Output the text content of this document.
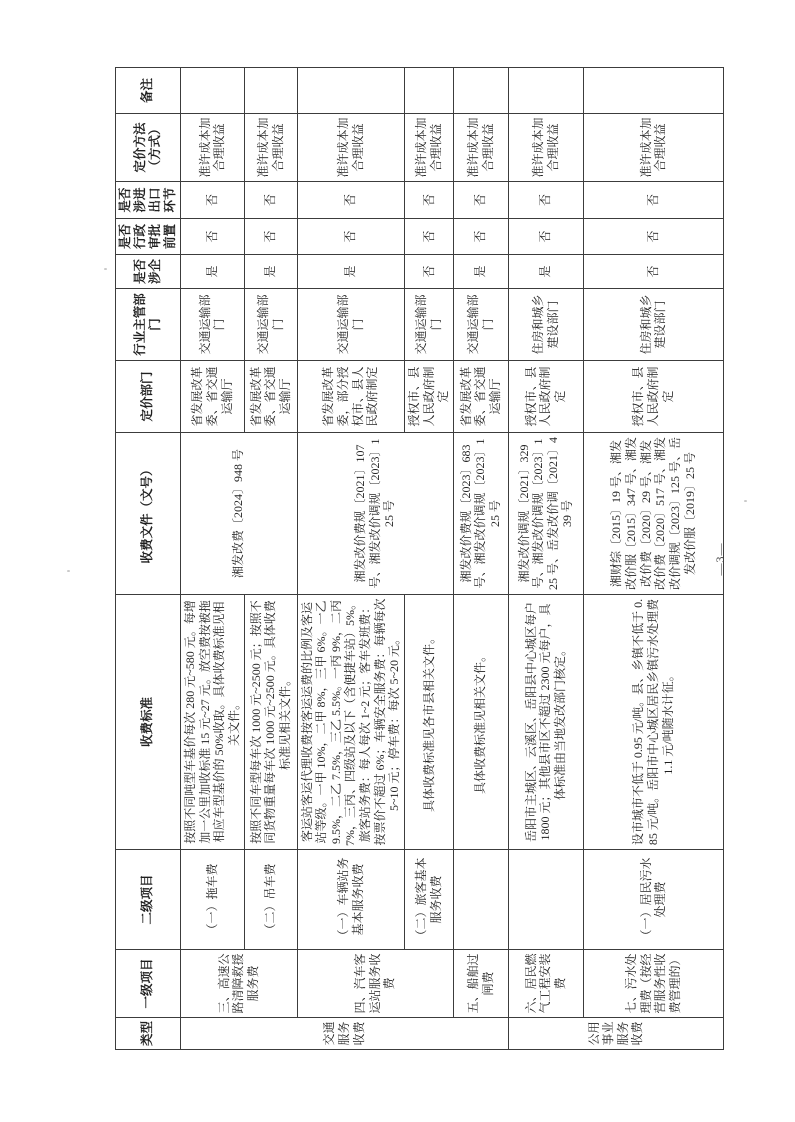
类型	一级项目	二级项目	收费标准	收费文件（文号）	定价部门	行业主管部门	是否涉企	是否行政审批前置	是否涉进出口环节	定价方法（方式）	备注
交通服务收费	三、高速公路清障救援服务费	（一）拖车费	按照不同吨型车基价每次 280 元~580 元。每增加一公里加收标准 15 元~27 元。放空费按被拖相应车型基价的 50%收取。具体收费标准见相关文件。	湘发改费〔2024〕948 号	省发展改革委、省交通运输厅	交通运输部门	是	否	否	准许成本加合理收益	
		（二）吊车费	按照不同车型每车次 1000 元~2500 元；按照不同货物重量每车次 1000 元~2500 元。具体收费标准见相关文件。		省发展改革委、省交通运输厅	交通运输部门	是	否	否	准许成本加合理收益	
	四、汽车客运站服务收费	（一）车辆站务基本服务收费	客运站客运代理收费按客运运费的比例及客运站等级。一甲 10%，二甲 8%，三甲 6%。一乙 9.5%，二乙 7.5%，三乙 5.5%。一丙 9%，二丙 7%，三丙、四级站及以下（含便捷车站）5%。旅客站务费：每人每次 1~2 元；客车发班费：按票价不超过 6%；车辆安全服务费：每辆每次 5~10 元；停车费：每次 5~20 元。	湘发改价费规〔2021〕107 号、湘发改价调规〔2023〕125 号	省发展改革委，部分授权市、县人民政府制定	交通运输部门	是	否	否	准许成本加合理收益	
		（二）旅客基本服务收费	具体收费标准见各市县相关文件。		授权市、县人民政府制定	交通运输部门	否	否	否	准许成本加合理收益	
	五、船舶过闸费		具体收费标准见相关文件。	湘发改价费规〔2023〕683 号、湘发改价调规〔2023〕125 号	省发展改革委、省交通运输厅	交通运输部门	是	否	否	准许成本加合理收益	
公用事业服务收费	六、居民燃气工程安装费		岳阳市主城区、云溪区、岳阳县中心城区每户 1800 元；其他县市区不超过 2300 元每户，具体标准由当地发改部门核定。	湘发改价调规〔2021〕329 号、湘发改价调规〔2023〕125 号、岳发改价调〔2021〕439 号	授权市、县人民政府制定	住房和城乡建设部门	是	否	否	准许成本加合理收益	
	七、污水处理费（按经营服务性收费管理的）	（一）居民污水处理费	设市城市不低于 0.95 元/吨。县、乡镇不低于 0.85 元/吨。岳阳市中心城区居民乡镇污水处理费 1.1 元/吨随水计征。	湘财综〔2015〕19 号、湘发改价服〔2015〕347 号、湘发改价费〔2020〕29 号、湘发改价费〔2020〕517 号、湘发改价调规〔2023〕125 号、岳发改价服〔2019〕25 号	授权市、县人民政府制定	住房和城乡建设部门	否	否	否	准许成本加合理收益	
—3—
